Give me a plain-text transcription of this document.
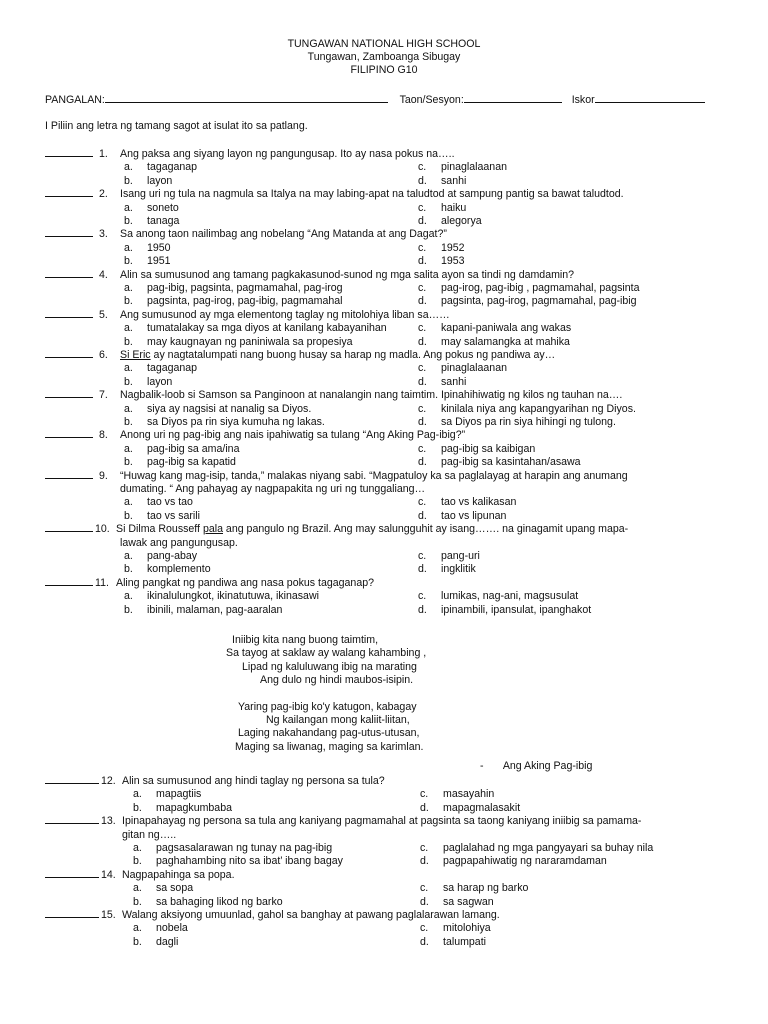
TUNGAWAN NATIONAL HIGH SCHOOL
Tungawan, Zamboanga Sibugay
FILIPINO G10
PANGALAN:	Taon/Sesyon:	Iskor
I Piliin ang letra ng tamang sagot at isulat ito sa patlang.
1. Ang paksa ang siyang layon ng pangungusap. Ito ay nasa pokus na…..
a. tagaganap
b. layon
c. pinaglalaanan
d. sanhi
2. Isang uri ng tula na nagmula sa Italya na may labing-apat na taludtod at sampung pantig sa bawat taludtod.
a. soneto
b. tanaga
c. haiku
d. alegorya
3. Sa anong taon nailimbag ang nobelang “Ang Matanda at ang Dagat?”
a. 1950
b. 1951
c. 1952
d. 1953
4. Alin sa sumusunod ang tamang pagkakasunod-sunod ng mga salita ayon sa tindi ng damdamin?
a. pag-ibig, pagsinta, pagmamahal, pag-irog
b. pagsinta, pag-irog, pag-ibig, pagmamahal
c. pag-irog, pag-ibig , pagmamahal, pagsinta
d. pagsinta, pag-irog, pagmamahal, pag-ibig
5. Ang sumusunod ay mga elementong taglay ng mitolohiya liban sa……
a. tumatalakay sa mga diyos at kanilang kabayanihan
b. may kaugnayan ng paniniwala sa propesiya
c. kapani-paniwala ang wakas
d. may salamangka at mahika
6. Si Eric ay nagtatalumpati nang buong husay sa harap ng madla. Ang pokus ng pandiwa ay…
a. tagaganap
b. layon
c. pinaglalaanan
d. sanhi
7. Nagbalik-loob si Samson sa Panginoon at nanalangin nang taimtim. Ipinahihiwatig ng kilos ng tauhan na….
a. siya ay nagsisi at nanalig sa Diyos.
b. sa Diyos pa rin siya kumuha ng lakas.
c. kinilala niya ang kapangyarihan ng Diyos.
d. sa Diyos pa rin siya hihingi ng tulong.
8. Anong uri ng pag-ibig ang nais ipahiwatig sa tulang “Ang Aking Pag-ibig?”
a. pag-ibig sa ama/ina
b. pag-ibig sa kapatid
c. pag-ibig sa kaibigan
d. pag-ibig sa kasintahan/asawa
9. “Huwag kang mag-isip, tanda,” malakas niyang sabi. “Magpatuloy ka sa paglalayag at harapin ang anumang
dumating. “ Ang pahayag ay nagpapakita ng uri ng tunggaliang…
a. tao vs tao
b. tao vs sarili
c. tao vs kalikasan
d. tao vs lipunan
10. Si Dilma Rousseff pala ang pangulo ng Brazil. Ang may salungguhit ay isang……. na ginagamit upang mapa-
lawak ang pangungusap.
a. pang-abay
b. komplemento
c. pang-uri
d. ingklitik
11. Aling pangkat ng pandiwa ang nasa pokus tagaganap?
a. ikinalulungkot, ikinatutuwa, ikinasawi
b. ibinili, malaman, pag-aaralan
c. lumikas, nag-ani, magsusulat
d. ipinambili, ipansulat, ipanghakot
Iniibig kita nang buong taimtim,
Sa tayog at saklaw ay walang kahambing ,
Lipad ng kaluluwang ibig na marating
Ang dulo ng hindi maubos-isipin.
Yaring pag-ibig ko'y katugon, kabagay
Ng kailangan mong kaliit-liitan,
Laging nakahandang pag-utus-utusan,
Maging sa liwanag, maging sa karimlan.
- Ang Aking Pag-ibig
12. Alin sa sumusunod ang hindi taglay ng persona sa tula?
a. mapagtiis
b. mapagkumbaba
c. masayahin
d. mapagmalasakit
13. Ipinapahayag ng persona sa tula ang kaniyang pagmamahal at pagsinta sa taong kaniyang iniibig sa pamama-
gitan ng…..
a. pagsasalarawan ng tunay na pag-ibig
b. paghahambing nito sa ibat’ ibang bagay
c. paglalahad ng mga pangyayari sa buhay nila
d. pagpapahiwatig ng nararamdaman
14. Nagpapahinga sa popa.
a. sa sopa
b. sa bahaging likod ng barko
c. sa harap ng barko
d. sa sagwan
15. Walang aksiyong umuunlad, gahol sa banghay at pawang paglalarawan lamang.
a. nobela
b. dagli
c. mitolohiya
d. talumpati
